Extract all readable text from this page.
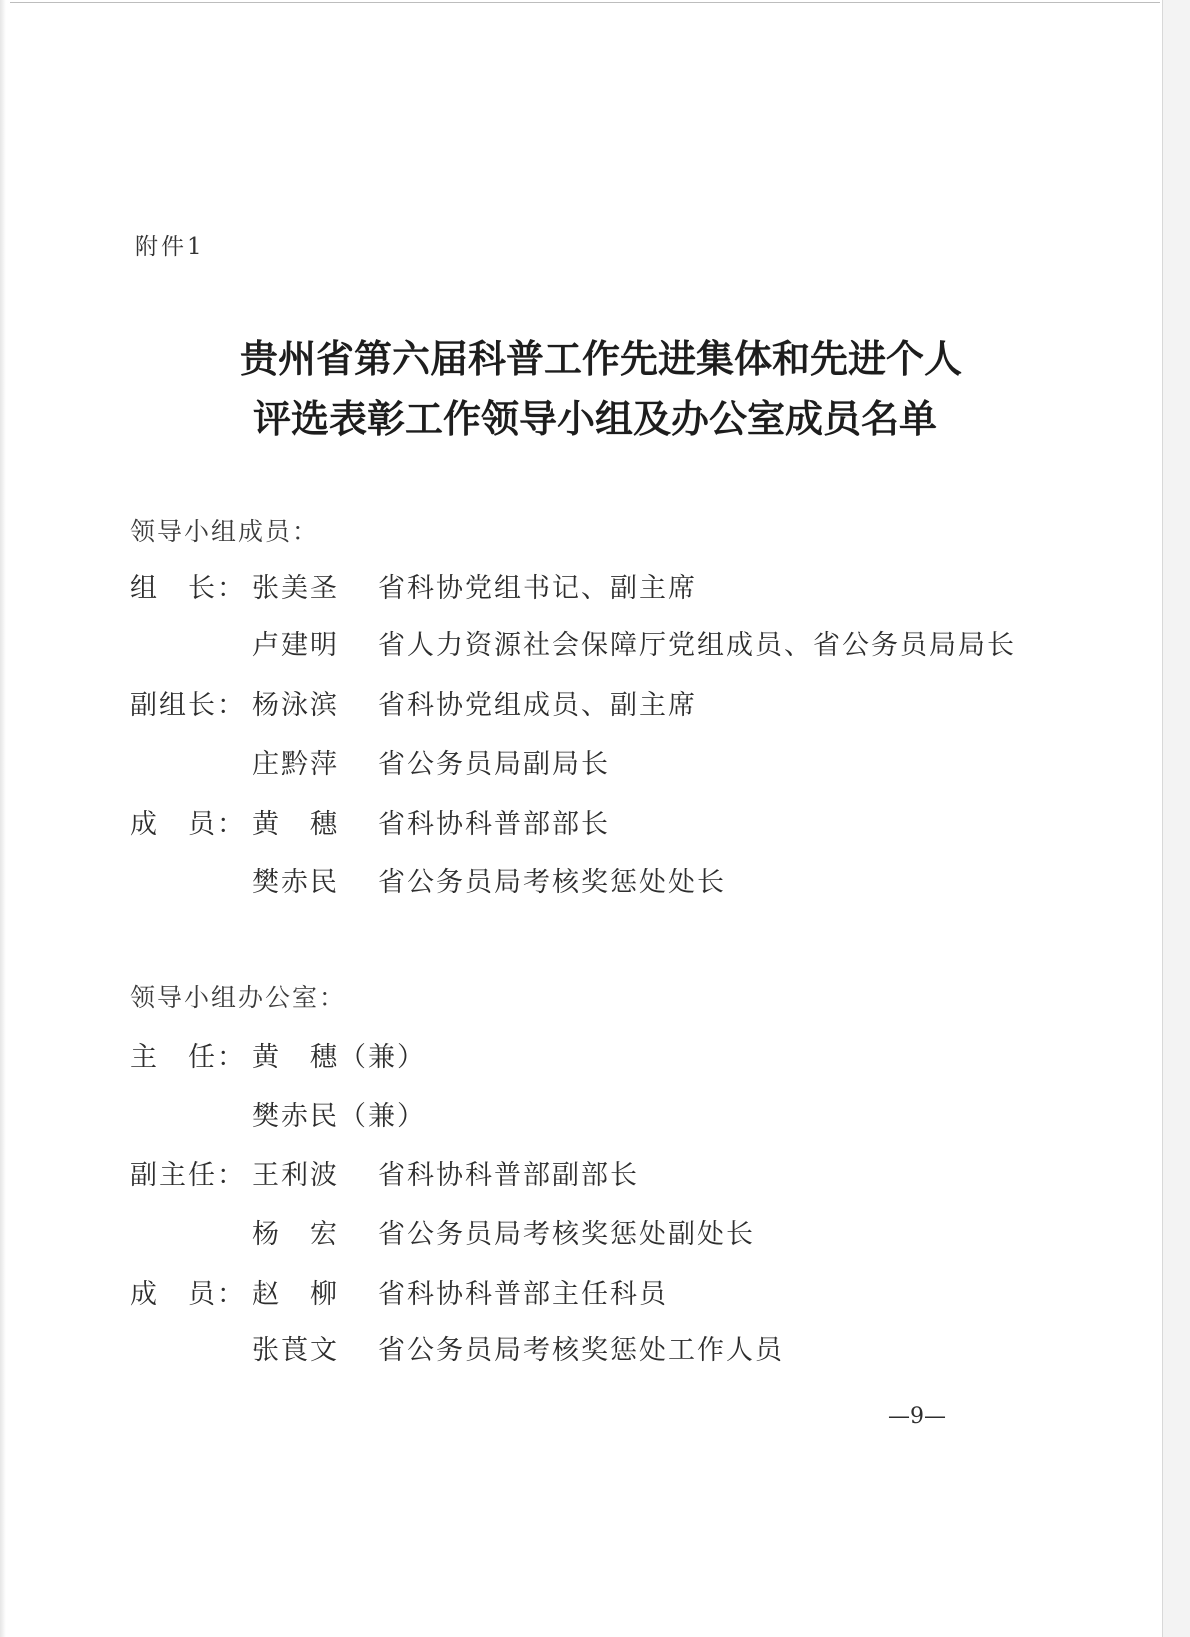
附件1
贵州省第六届科普工作先进集体和先进个人
评选表彰工作领导小组及办公室成员名单
领导小组成员：
组　长： 张美圣	省科协党组书记、副主席
卢建明	省人力资源社会保障厅党组成员、省公务员局局长
副组长： 杨泳滨	省科协党组成员、副主席
庄黔萍	省公务员局副局长
成　员： 黄　穗	省科协科普部部长
樊赤民	省公务员局考核奖惩处处长
领导小组办公室：
主　任： 黄　穗（兼）
樊赤民（兼）
副主任： 王利波	省科协科普部副部长
杨　宏	省公务员局考核奖惩处副处长
成　员： 赵　柳	省科协科普部主任科员
张莨文	省公务员局考核奖惩处工作人员
—9—
